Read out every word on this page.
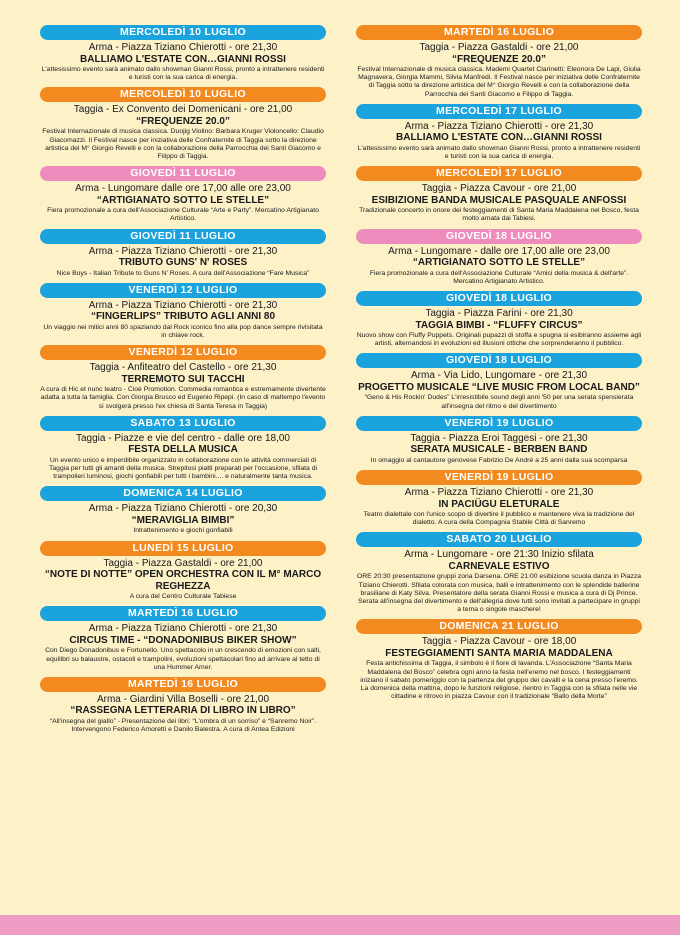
MERCOLEDÌ 10 LUGLIO
Arma - Piazza Tiziano Chierotti - ore 21,30
BALLIAMO L'ESTATE CON…GIANNI ROSSI
L'attesissimo evento sarà animato dallo showman Gianni Rossi, pronto a intrattenere residenti e turisti con la sua carica di energia.
MERCOLEDÌ 10 LUGLIO
Taggia - Ex Convento dei Domenicani - ore 21,00
“FREQUENZE 20.0”
Festival Internazionale di musica classica. Duojig Violino: Barbara Kruger Violoncello: Claudio Giacomazzi. Il Festival nasce per iniziativa delle Confraternite di Taggia sotto la direzione artistica del M° Giorgio Revelli e con la collaborazione della Parrocchia dei Santi Giacomo e Filippo di Taggia.
GIOVEDÌ 11 LUGLIO
Arma - Lungomare dalle ore 17,00 alle ore 23,00
“ARTIGIANATO SOTTO LE STELLE”
Fiera promozionale a cura dell'Associazione Culturale “Arte e Party”. Mercatino Artigianato Artistico.
GIOVEDÌ 11 LUGLIO
Arma - Piazza Tiziano Chierotti - ore 21,30
TRIBUTO GUNS' N' ROSES
Nice Boys - Italian Tribute to Guns N' Roses. A cura dell'Associazione “Fare Musica”
VENERDÌ 12 LUGLIO
Arma - Piazza Tiziano Chierotti - ore 21,30
“FINGERLIPS” TRIBUTO AGLI ANNI 80
Un viaggio nei mitici anni 80 spaziando dal Rock iconico fino alla pop dance sempre rivisitata in chiave rock.
VENERDÌ 12 LUGLIO
Taggia - Anfiteatro del Castello - ore 21,30
TERREMOTO SUI TACCHI
A cura di Hic et nunc teatro - Cioè Promotion. Commedia romantica e estremamente divertente adatta a tutta la famiglia. Con Giorgia Brusco ed Eugenio Ripepi. (In caso di maltempo l'evento si svolgerà presso l'ex chiesa di Santa Teresa in Taggia)
SABATO 13 LUGLIO
Taggia - Piazze e vie del centro - dalle ore 18,00
FESTA DELLA MUSICA
Un evento unico e imperdibile organizzato in collaborazione con le attività commerciali di Taggia per tutti gli amanti della musica. Strepitosi piatti preparati per l'occasione, sfilata di trampolieri luminosi, giochi gonfiabili per tutti i bambini.... e naturalmente tanta musica.
DOMENICA 14 LUGLIO
Arma - Piazza Tiziano Chierotti - ore 20,30
“MERAVIGLIA BIMBI”
Intrattenimento e giochi gonfiabili
LUNEDÌ 15 LUGLIO
Taggia - Piazza Gastaldi - ore 21,00
“NOTE DI NOTTE” OPEN ORCHESTRA CON IL M° MARCO REGHEZZA
A cura del Centro Culturale Tabiese
MARTEDÌ 16 LUGLIO
Arma - Piazza Tiziano Chierotti - ore 21,30
CIRCUS TIME - “DONADONIBUS BIKER SHOW”
Con Diego Donadonibus e Fortunello. Uno spettacolo in un crescendo di emozioni con salti, equilibri su balaustre, ostacoli e trampolini, evoluzioni spettacolari fino ad arrivare al tetto di una Hummer Amer.
MARTEDÌ 16 LUGLIO
Arma - Giardini Villa Boselli - ore 21,00
“RASSEGNA LETTERARIA DI LIBRO IN LIBRO”
“All'insegna del giallo” - Presentazione dei libri: “L'ombra di un sorriso” e “Sanremo Noir”. Intervengono Federico Amoretti e Danilo Balestra. A cura di Antea Edizioni
MARTEDÌ 16 LUGLIO
Taggia - Piazza Gastaldi - ore 21,00
“FREQUENZE 20.0”
Festival Internazionale di musica classica. Mademi Quartet Clarinetti: Eleonora De Lapi, Giulia Magnavera, Giorgia Mammi, Silvia Manfredi. Il Festival nasce per iniziativa delle Confraternite di Taggia sotto la direzione artistica del M° Giorgio Revelli e con la collaborazione della Parrocchia dei Santi Giacomo e Filippo di Taggia.
MERCOLEDÌ 17 LUGLIO
Arma - Piazza Tiziano Chierotti - ore 21,30
BALLIAMO L'ESTATE CON…GIANNI ROSSI
L'attesissimo evento sarà animato dallo showman Gianni Rossi, pronto a intrattenere residenti e turisti con la sua carica di energia.
MERCOLEDÌ 17 LUGLIO
Taggia - Piazza Cavour - ore 21,00
ESIBIZIONE BANDA MUSICALE PASQUALE ANFOSSI
Tradizionale concerto in onore dei festeggiamenti di Santa Maria Maddalena nel Bosco, festa molto amata dai Tabiesi.
GIOVEDÌ 18 LUGLIO
Arma - Lungomare - dalle ore 17,00 alle ore 23,00
“ARTIGIANATO SOTTO LE STELLE”
Fiera promozionale a cura dell'Associazione Culturale “Amici della musica & dell'arte”. Mercatino Artigianato Artistico.
GIOVEDÌ 18 LUGLIO
Taggia - Piazza Farini - ore 21,30
TAGGIA BIMBI - “FLUFFY CIRCUS”
Nuovo show con Fluffy Puppets. Originali pupazzi di stoffa e spugna si esibiranno assieme agli artisti, alternandosi in evoluzioni ed illusioni ottiche che sorprenderanno il pubblico.
GIOVEDÌ 18 LUGLIO
Arma - Via Lido, Lungomare - ore 21,30
PROGETTO MUSICALE “LIVE MUSIC FROM LOCAL BAND”
“Geno & His Rockin' Dudes” L'irresistibile sound degli anni '50 per una serata spensierata all'insegna del ritmo e del divertimento
VENERDÌ 19 LUGLIO
Taggia - Piazza Eroi Taggesi - ore 21,30
SERATA MUSICALE - BERBEN BAND
In omaggio al cantautore genovese Fabrizio De André a 25 anni dalla sua scomparsa
VENERDÌ 19 LUGLIO
Arma - Piazza Tiziano Chierotti - ore 21,30
IN PACIÜGU ELETURALE
Teatro dialettale con l'unico scopo di divertire il pubblico e mantenere viva la tradizione del dialetto. A cura della Compagnia Stabile Città di Sanremo
SABATO 20 LUGLIO
Arma - Lungomare - ore 21:30 Inizio sfilata
CARNEVALE ESTIVO
ORE 20:30 presentazione gruppi zona Darsena. ORE 21:00 esibizione scuola danza in Piazza Tiziano Chierotti. Sfilata colorata con musica, balli e intrattenimento con le splendide ballerine brasiliane di Katy Silva. Presentatore della serata Gianni Rossi e musica a cura di Dj Prince. Serata all'insegna del divertimento e dell'allegria dove tutti sono invitati a partecipare in gruppi a tema o singole maschere!
DOMENICA 21 LUGLIO
Taggia - Piazza Cavour - ore 18,00
FESTEGGIAMENTI SANTA MARIA MADDALENA
Festa antichissima di Taggia, il simbolo è il fiore di lavanda. L'Associazione “Santa Maria Maddalena del Bosco” celebra ogni anno la festa nell'eremo nel bosco. I festeggiamenti iniziano il sabato pomeriggio con la partenza del gruppo dei cavalli e la cena presso l'eremo. La domenica della mattina, dopo le funzioni religiose, rientro in Taggia con la sfilata nelle vie cittadine e ritrovo in piazza Cavour con il tradizionale “Ballo della Morte”
